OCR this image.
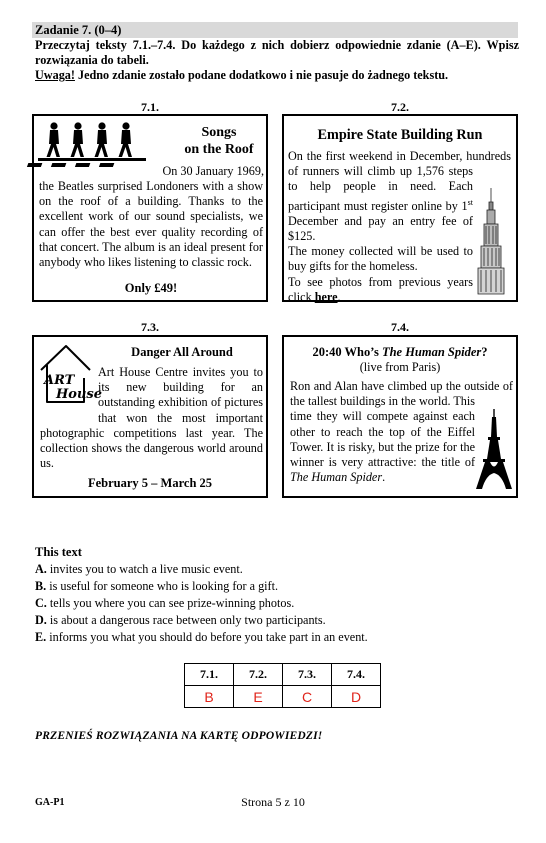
Zadanie 7. (0–4)
Przeczytaj teksty 7.1.–7.4. Do każdego z nich dobierz odpowiednie zdanie (A–E). Wpisz rozwiązania do tabeli.
Uwaga! Jedno zdanie zostało podane dodatkowo i nie pasuje do żadnego tekstu.
7.1.
Songs
on the Roof
On 30 January 1969,
the Beatles surprised Londoners with a show on the roof of a building. Thanks to the excellent work of our sound specialists, we can offer the best ever quality recording of that concert. The album is an ideal present for anybody who likes listening to classic rock.
Only £49!
7.2.
Empire State Building Run
On the first weekend in December, hundreds of runners will climb up 1,576 steps to help people in need. Each participant must register online by 1st December and pay an entry fee of $125.
The money collected will be used to buy gifts for the homeless.
To see photos from previous years click here.
7.3.
ART
House
Danger All Around
Art House Centre invites you to its new building for an outstanding exhibition of pictures that won the most important photographic competitions last year. The collection shows the dangerous world around us.
February 5 – March 25
7.4.
20:40 Who’s The Human Spider?
(live from Paris)
Ron and Alan have climbed up the outside of the tallest buildings in the world. This time they will compete against each other to reach the top of the Eiffel Tower. It is risky, but the prize for the winner is very attractive: the title of The Human Spider.
This text
A. invites you to watch a live music event.
B. is useful for someone who is looking for a gift.
C. tells you where you can see prize-winning photos.
D. is about a dangerous race between only two participants.
E. informs you what you should do before you take part in an event.
7.1.	7.2.	7.3.	7.4.
B	E	C	D
PRZENIEŚ ROZWIĄZANIA NA KARTĘ ODPOWIEDZI!
GA-P1	Strona 5 z 10
